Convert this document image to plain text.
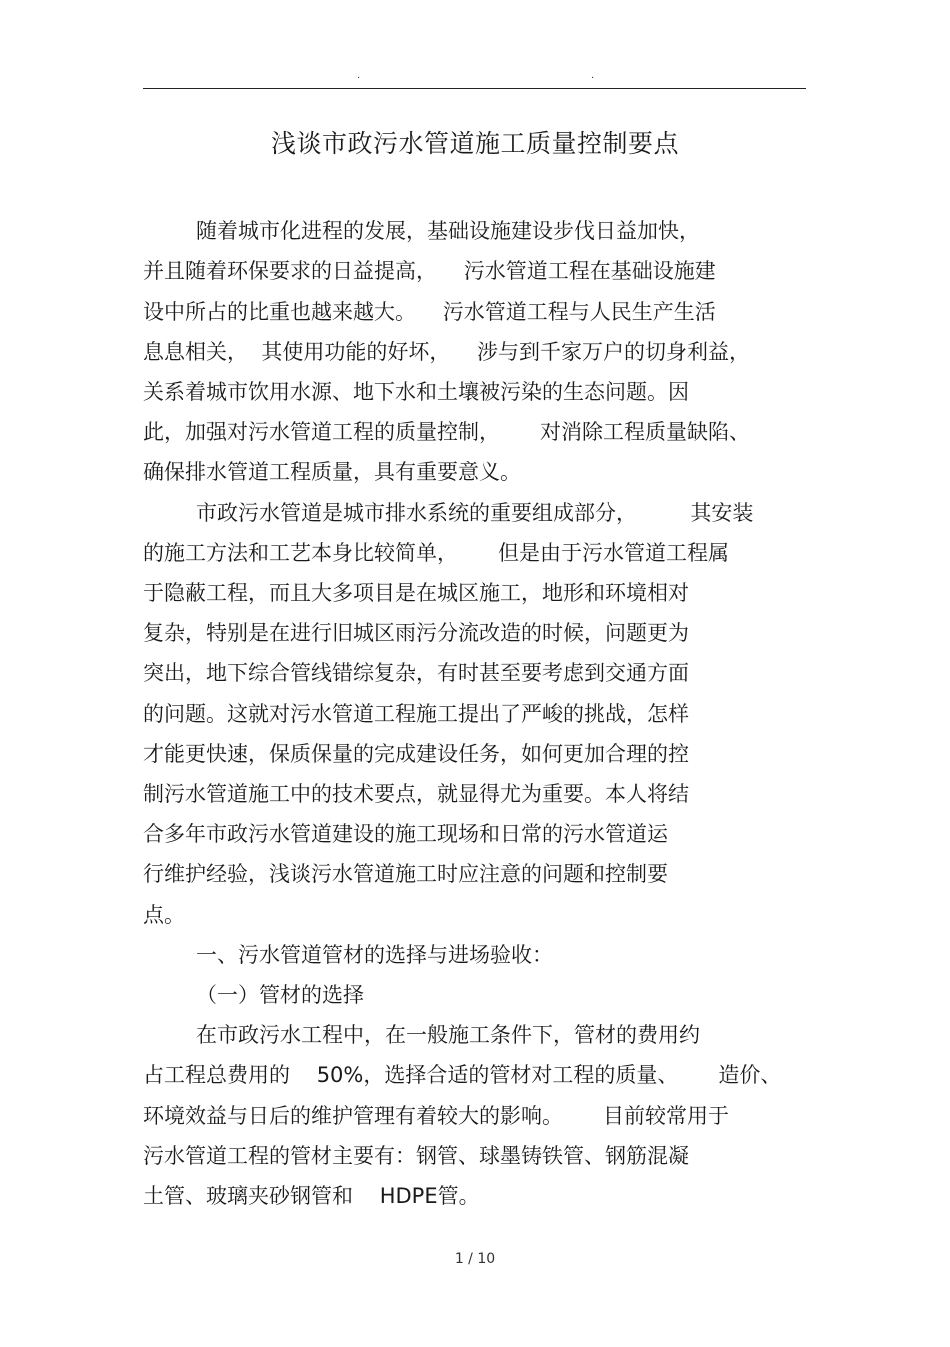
.	.
浅谈市政污水管道施工质量控制要点
随着城市化进程的发展，基础设施建设步伐日益加快，
并且随着环保要求的日益提高，    污水管道工程在基础设施建
设中所占的比重也越来越大。    污水管道工程与人民生产生活
息息相关，  其使用功能的好坏，    涉与到千家万户的切身利益，
关系着城市饮用水源、地下水和土壤被污染的生态问题。因
此，加强对污水管道工程的质量控制，      对消除工程质量缺陷、
确保排水管道工程质量，具有重要意义。
市政污水管道是城市排水系统的重要组成部分，        其安装
的施工方法和工艺本身比较简单，      但是由于污水管道工程属
于隐蔽工程，而且大多项目是在城区施工，地形和环境相对
复杂，特别是在进行旧城区雨污分流改造的时候，问题更为
突出，地下综合管线错综复杂，有时甚至要考虑到交通方面
的问题。这就对污水管道工程施工提出了严峻的挑战，怎样
才能更快速，保质保量的完成建设任务，如何更加合理的控
制污水管道施工中的技术要点，就显得尤为重要。本人将结
合多年市政污水管道建设的施工现场和日常的污水管道运
行维护经验，浅谈污水管道施工时应注意的问题和控制要
点。
一、污水管道管材的选择与进场验收：
（一）管材的选择
在市政污水工程中，在一般施工条件下，管材的费用约
占工程总费用的    50%，选择合适的管材对工程的质量、      造价、
环境效益与日后的维护管理有着较大的影响。      目前较常用于
污水管道工程的管材主要有：钢管、球墨铸铁管、钢筋混凝
土管、玻璃夹砂钢管和    HDPE管。
1 / 10
